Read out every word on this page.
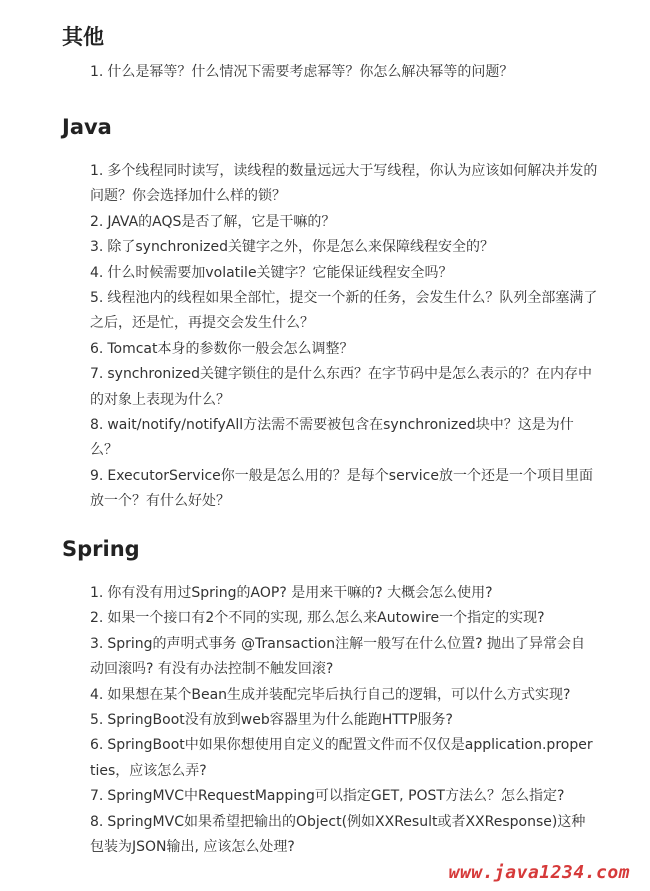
其他
1. 什么是幂等？什么情况下需要考虑幂等？你怎么解决幂等的问题？
Java
1. 多个线程同时读写，读线程的数量远远大于写线程，你认为应该如何解决并发的问题？你会选择加什么样的锁？
2. JAVA的AQS是否了解，它是干嘛的？
3. 除了synchronized关键字之外，你是怎么来保障线程安全的？
4. 什么时候需要加volatile关键字？它能保证线程安全吗？
5. 线程池内的线程如果全部忙，提交一个新的任务，会发生什么？队列全部塞满了之后，还是忙，再提交会发生什么？
6. Tomcat本身的参数你一般会怎么调整？
7. synchronized关键字锁住的是什么东西？在字节码中是怎么表示的？在内存中的对象上表现为什么？
8. wait/notify/notifyAll方法需不需要被包含在synchronized块中？这是为什么？
9. ExecutorService你一般是怎么用的？是每个service放一个还是一个项目里面放一个？有什么好处？
Spring
1. 你有没有用过Spring的AOP? 是用来干嘛的? 大概会怎么使用?
2. 如果一个接口有2个不同的实现, 那么怎么来Autowire一个指定的实现?
3. Spring的声明式事务 @Transaction注解一般写在什么位置? 抛出了异常会自动回滚吗? 有没有办法控制不触发回滚?
4. 如果想在某个Bean生成并装配完毕后执行自己的逻辑，可以什么方式实现?
5. SpringBoot没有放到web容器里为什么能跑HTTP服务?
6. SpringBoot中如果你想使用自定义的配置文件而不仅仅是application.properties，应该怎么弄?
7. SpringMVC中RequestMapping可以指定GET, POST方法么？怎么指定?
8. SpringMVC如果希望把输出的Object(例如XXResult或者XXResponse)这种包装为JSON输出, 应该怎么处理?
www.java1234.com
